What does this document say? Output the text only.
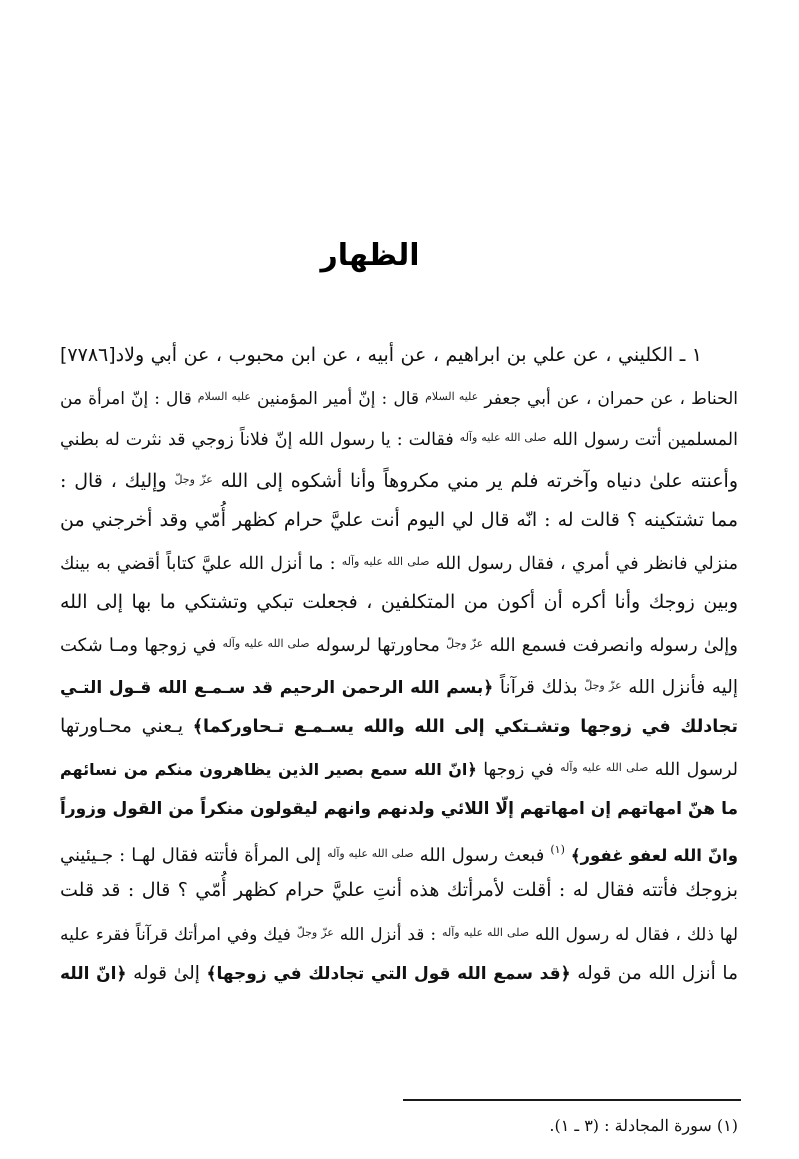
الظهار
١ ـ الكليني ، عن علي بن ابراهيم ، عن أبيه ، عن ابن محبوب ، عن أبي ولاد
[٧٧٨٦]
الحناط ، عن حمران ، عن أبي جعفر $^{عليه السلام}$ قال : إنّ أمير المؤمنين $^{عليه السلام}$ قال : إنّ امرأة من
المسلمين أتت رسول الله $^{صلى الله عليه وآله}$ فقالت : يا رسول الله إنّ فلاناً زوجي قد نثرت له بطني
وأعنته علىٰ دنياه وآخرته فلم ير مني مكروهاً وأنا أشكوه إلى الله $^{عزّ وجلّ}$ وإليك ، قال :
مما تشتكينه ؟ قالت له : انّه قال لي اليوم أنت عليَّ حرام كظهر أُمّي وقد أخرجني من
منزلي فانظر في أمري ، فقال رسول الله $^{صلى الله عليه وآله}$ : ما أنزل الله عليَّ كتاباً أقضي به بينك
وبين زوجك وأنا أكره أن أكون من المتكلفين ، فجعلت تبكي وتشتكي ما بها إلى الله
وإلىٰ رسوله وانصرفت فسمع الله $^{عزّ وجلّ}$ محاورتها لرسوله $^{صلى الله عليه وآله}$ في زوجها ومـا شكت
إليه فأنزل الله $^{عزّ وجلّ}$ بذلك قرآناً ﴿بسم الله الرحمن الرحيم قد سـمـع الله قـول التـي
تجادلك في زوجها وتشـتكي إلى الله والله يسـمـع تـحاوركما﴾ يـعني محـاورتها
لرسول الله $^{صلى الله عليه وآله}$ في زوجها ﴿انّ الله سمع بصير الذين يظاهرون منكم من نسائهم
ما هنّ امهاتهم إن امهاتهم إلّا اللائي ولدنهم وانهم ليقولون منكراً من القول وزوراً
وانّ الله لعفو غفور﴾ $^{(١)}$ فبعث رسول الله $^{صلى الله عليه وآله}$ إلى المرأة فأتته فقال لهـا : جـيئيني
بزوجك فأتته فقال له : أقلت لأمرأتك هذه أنتِ عليَّ حرام كظهر أُمّي ؟ قال : قد قلت
لها ذلك ، فقال له رسول الله $^{صلى الله عليه وآله}$ : قد أنزل الله $^{عزّ وجلّ}$ فيك وفي امرأتك قرآناً فقرء عليه
ما أنزل الله من قوله ﴿قد سمع الله قول التي تجادلك في زوجها﴾ إلىٰ قوله ﴿انّ الله
(١) سورة المجادلة : (٣ ـ ١).
